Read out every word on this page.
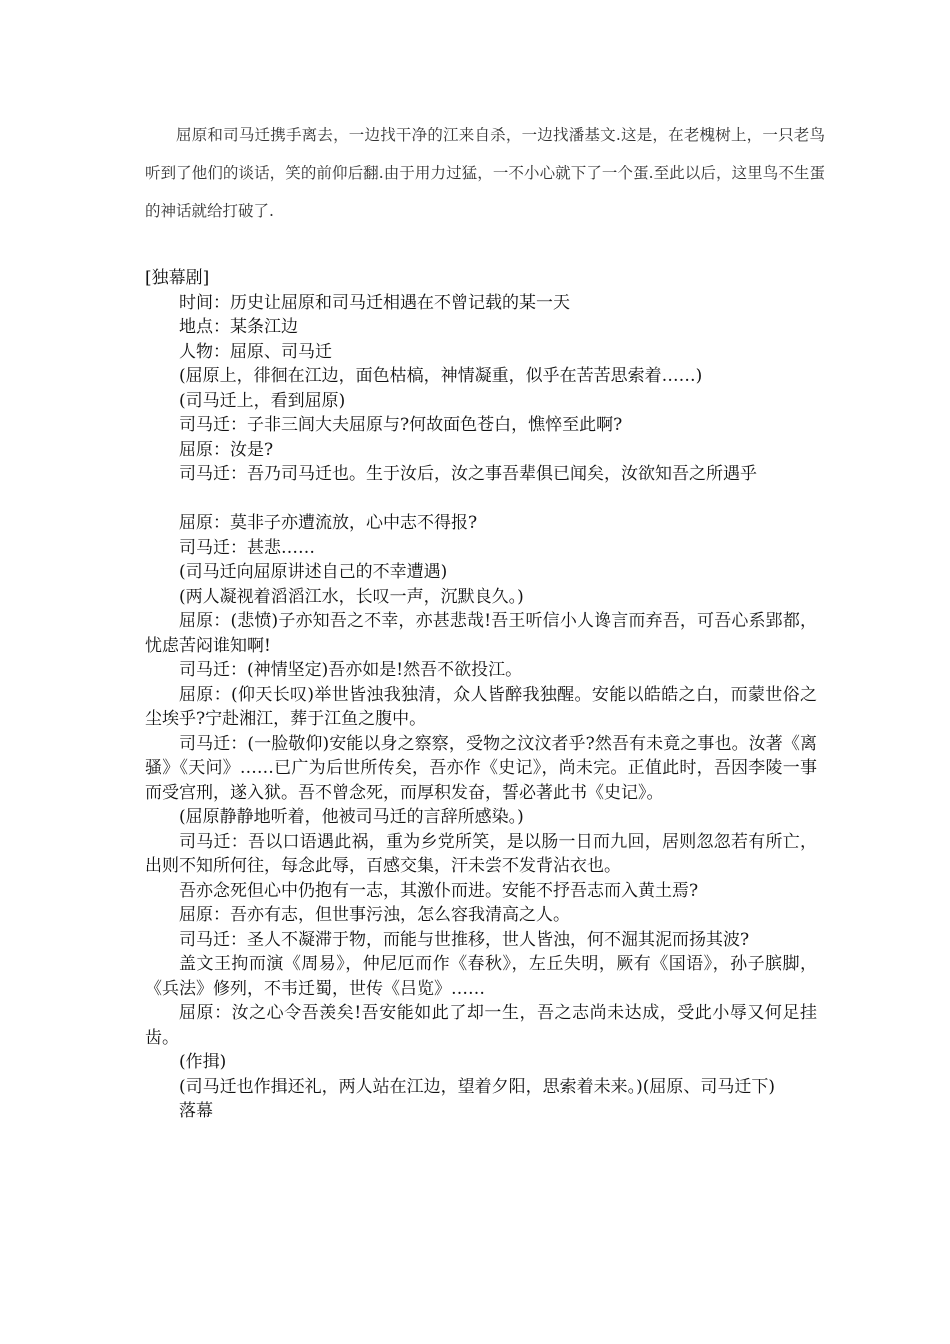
屈原和司马迁携手离去，一边找干净的江来自杀，一边找潘基文.这是，在老槐树上，一只老鸟听到了他们的谈话，笑的前仰后翻.由于用力过猛，一不小心就下了一个蛋.至此以后，这里鸟不生蛋的神话就给打破了.

[独幕剧]

时间：历史让屈原和司马迁相遇在不曾记载的某一天

地点：某条江边

人物：屈原、司马迁

(屈原上，徘徊在江边，面色枯槁，神情凝重，似乎在苦苦思索着……)

(司马迁上，看到屈原)

司马迁：子非三闾大夫屈原与?何故面色苍白，憔悴至此啊?

屈原：汝是?

司马迁：吾乃司马迁也。生于汝后，汝之事吾辈俱已闻矣，汝欲知吾之所遇乎

屈原：莫非子亦遭流放，心中志不得报?

司马迁：甚悲……

(司马迁向屈原讲述自己的不幸遭遇)

(两人凝视着滔滔江水，长叹一声，沉默良久。)

屈原：(悲愤)子亦知吾之不幸，亦甚悲哉!吾王听信小人谗言而弃吾，可吾心系郢都，忧虑苦闷谁知啊!

司马迁：(神情坚定)吾亦如是!然吾不欲投江。

屈原：(仰天长叹)举世皆浊我独清，众人皆醉我独醒。安能以皓皓之白，而蒙世俗之尘埃乎?宁赴湘江，葬于江鱼之腹中。

司马迁：(一脸敬仰)安能以身之察察，受物之汶汶者乎?然吾有未竟之事也。汝著《离骚》《天问》……已广为后世所传矣，吾亦作《史记》，尚未完。正值此时，吾因李陵一事而受宫刑，遂入狱。吾不曾念死，而厚积发奋，誓必著此书《史记》。

(屈原静静地听着，他被司马迁的言辞所感染。)

司马迁：吾以口语遇此祸，重为乡党所笑，是以肠一日而九回，居则忽忽若有所亡，出则不知所何往，每念此辱，百感交集，汗未尝不发背沾衣也。

吾亦念死但心中仍抱有一志，其激仆而进。安能不抒吾志而入黄土焉?

屈原：吾亦有志，但世事污浊，怎么容我清高之人。

司马迁：圣人不凝滞于物，而能与世推移，世人皆浊，何不淈其泥而扬其波?

盖文王拘而演《周易》，仲尼厄而作《春秋》，左丘失明，厥有《国语》，孙子膑脚，《兵法》修列，不韦迁蜀，世传《吕览》……

屈原：汝之心令吾羡矣!吾安能如此了却一生，吾之志尚未达成，受此小辱又何足挂齿。

(作揖)

(司马迁也作揖还礼，两人站在江边，望着夕阳，思索着未来。)(屈原、司马迁下)

落幕
